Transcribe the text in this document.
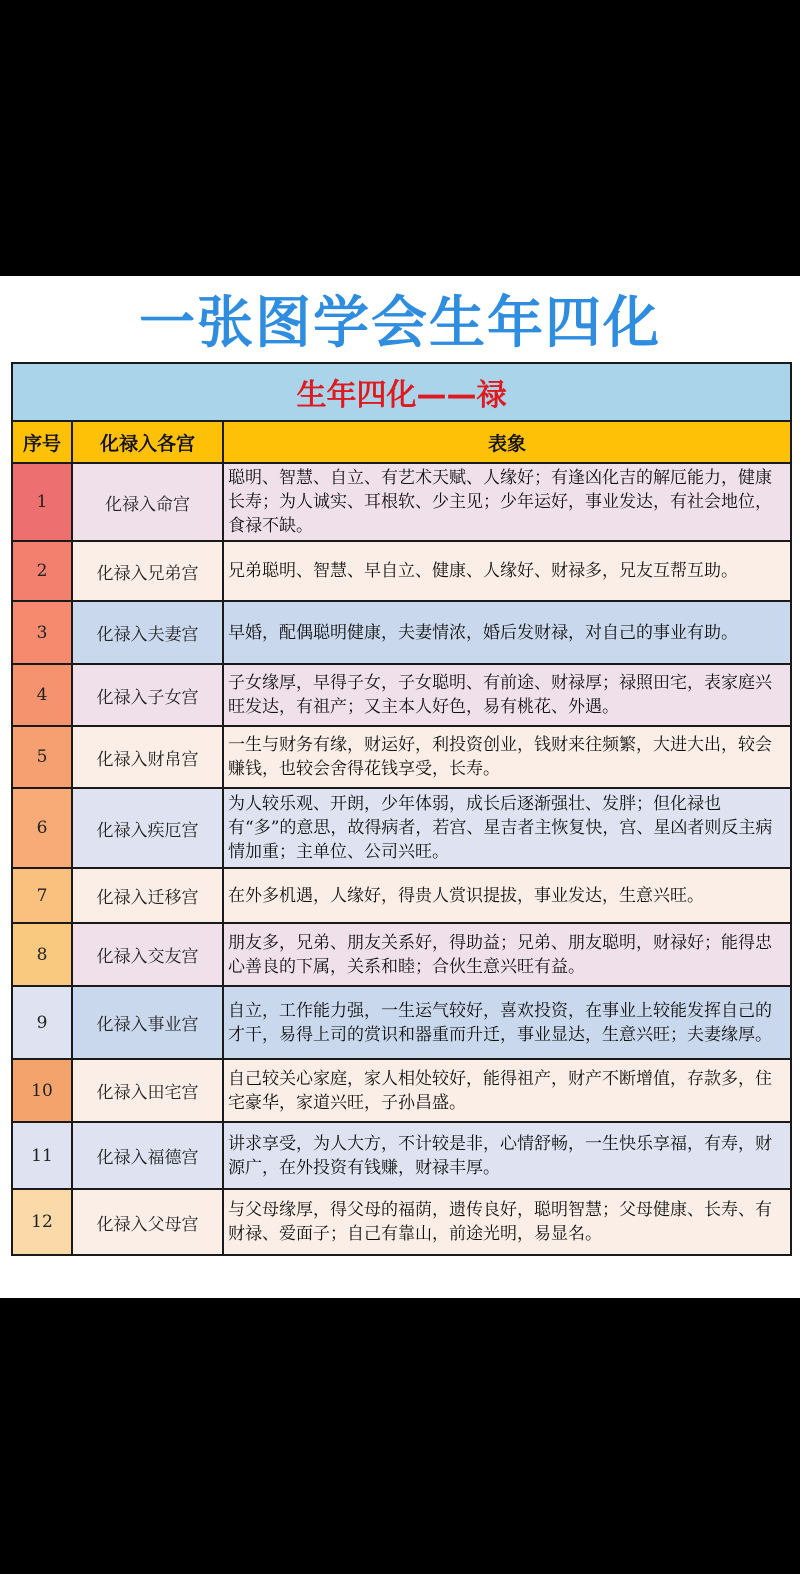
一张图学会生年四化
生年四化——禄		
序号	化禄入各宫	表象
1	化禄入命宫	聪明、智慧、自立、有艺术天赋、人缘好；有逢凶化吉的解厄能力，健康长寿；为人诚实、耳根软、少主见；少年运好，事业发达，有社会地位，食禄不缺。
2	化禄入兄弟宫	兄弟聪明、智慧、早自立、健康、人缘好、财禄多，兄友互帮互助。
3	化禄入夫妻宫	早婚，配偶聪明健康，夫妻情浓，婚后发财禄，对自己的事业有助。
4	化禄入子女宫	子女缘厚，早得子女，子女聪明、有前途、财禄厚；禄照田宅，表家庭兴旺发达，有祖产；又主本人好色，易有桃花、外遇。
5	化禄入财帛宫	一生与财务有缘，财运好，利投资创业，钱财来往频繁，大进大出，较会赚钱，也较会舍得花钱享受，长寿。
6	化禄入疾厄宫	为人较乐观、开朗，少年体弱，成长后逐渐强壮、发胖；但化禄也有“多”的意思，故得病者，若宫、星吉者主恢复快，宫、星凶者则反主病情加重；主单位、公司兴旺。
7	化禄入迁移宫	在外多机遇，人缘好，得贵人赏识提拔，事业发达，生意兴旺。
8	化禄入交友宫	朋友多，兄弟、朋友关系好，得助益；兄弟、朋友聪明，财禄好；能得忠心善良的下属，关系和睦；合伙生意兴旺有益。
9	化禄入事业宫	自立，工作能力强，一生运气较好，喜欢投资，在事业上较能发挥自己的才干，易得上司的赏识和器重而升迁，事业显达，生意兴旺；夫妻缘厚。
10	化禄入田宅宫	自己较关心家庭，家人相处较好，能得祖产，财产不断增值，存款多，住宅豪华，家道兴旺，子孙昌盛。
11	化禄入福德宫	讲求享受，为人大方，不计较是非，心情舒畅，一生快乐享福，有寿，财源广，在外投资有钱赚，财禄丰厚。
12	化禄入父母宫	与父母缘厚，得父母的福荫，遗传良好，聪明智慧；父母健康、长寿、有财禄、爱面子；自己有靠山，前途光明，易显名。
